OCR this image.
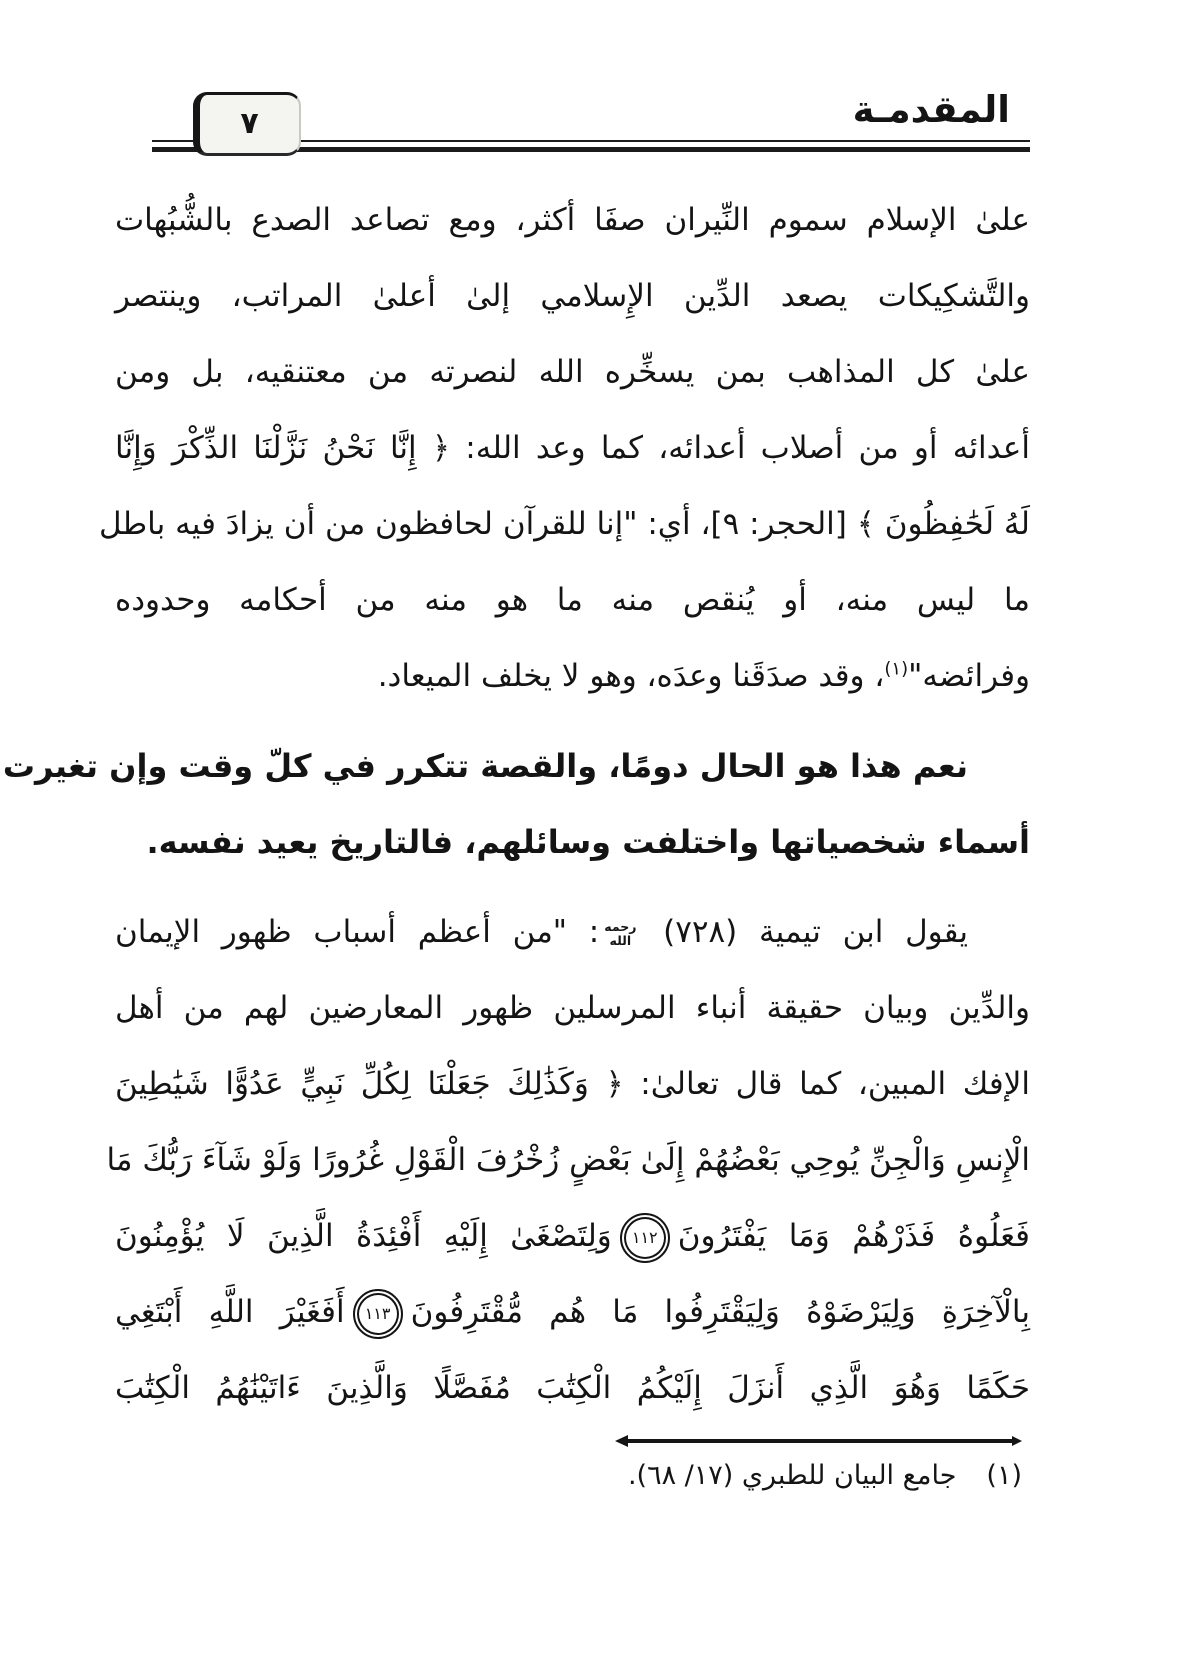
٧	المقدمـة
علىٰ الإسلام سموم النِّيران صفَا أكثر، ومع تصاعد الصدع بالشُّبُهات
والتَّشكِيكات يصعد الدِّين الإِسلامي إلىٰ أعلىٰ المراتب، وينتصر
علىٰ كل المذاهب بمن يسخِّره الله لنصرته من معتنقيه، بل ومن
أعدائه أو من أصلاب أعدائه، كما وعد الله: ﴿ إِنَّا نَحْنُ نَزَّلْنَا الذِّكْرَ وَإِنَّا
لَهُ لَحَٰفِظُونَ ﴾ [الحجر: ٩]، أي: "إنا للقرآن لحافظون من أن يزادَ فيه باطل
ما ليس منه، أو يُنقص منه ما هو منه من أحكامه وحدوده
وفرائضه"$^{(١)}$، وقد صدَقَنا وعدَه، وهو لا يخلف الميعاد.
نعم هذا هو الحال دومًا، والقصة تتكرر في كلّ وقت وإن تغيرت
أسماء شخصياتها واختلفت وسائلهم، فالتاريخ يعيد نفسه.
يقول ابن تيمية (٧٢٨)
رحمه
الله
: "من أعظم أسباب ظهور الإيمان
والدِّين وبيان حقيقة أنباء المرسلين ظهور المعارضين لهم من أهل
الإفك المبين، كما قال تعالىٰ: ﴿ وَكَذَٰلِكَ جَعَلْنَا لِكُلِّ نَبِيٍّ عَدُوًّا شَيَٰطِينَ
الْإِنسِ وَالْجِنِّ يُوحِي بَعْضُهُمْ إِلَىٰ بَعْضٍ زُخْرُفَ الْقَوْلِ غُرُورًا وَلَوْ شَآءَ رَبُّكَ مَا
فَعَلُوهُ فَذَرْهُمْ وَمَا يَفْتَرُونَ١١٢وَلِتَصْغَىٰ إِلَيْهِ أَفْئِدَةُ الَّذِينَ لَا يُؤْمِنُونَ
بِالْآخِرَةِ وَلِيَرْضَوْهُ وَلِيَقْتَرِفُوا مَا هُم مُّقْتَرِفُونَ١١٣أَفَغَيْرَ اللَّهِ أَبْتَغِي
حَكَمًا وَهُوَ الَّذِي أَنزَلَ إِلَيْكُمُ الْكِتَٰبَ مُفَصَّلًا وَالَّذِينَ ءَاتَيْنَٰهُمُ الْكِتَٰبَ
(١)جامع البيان للطبري (١٧/ ٦٨).
